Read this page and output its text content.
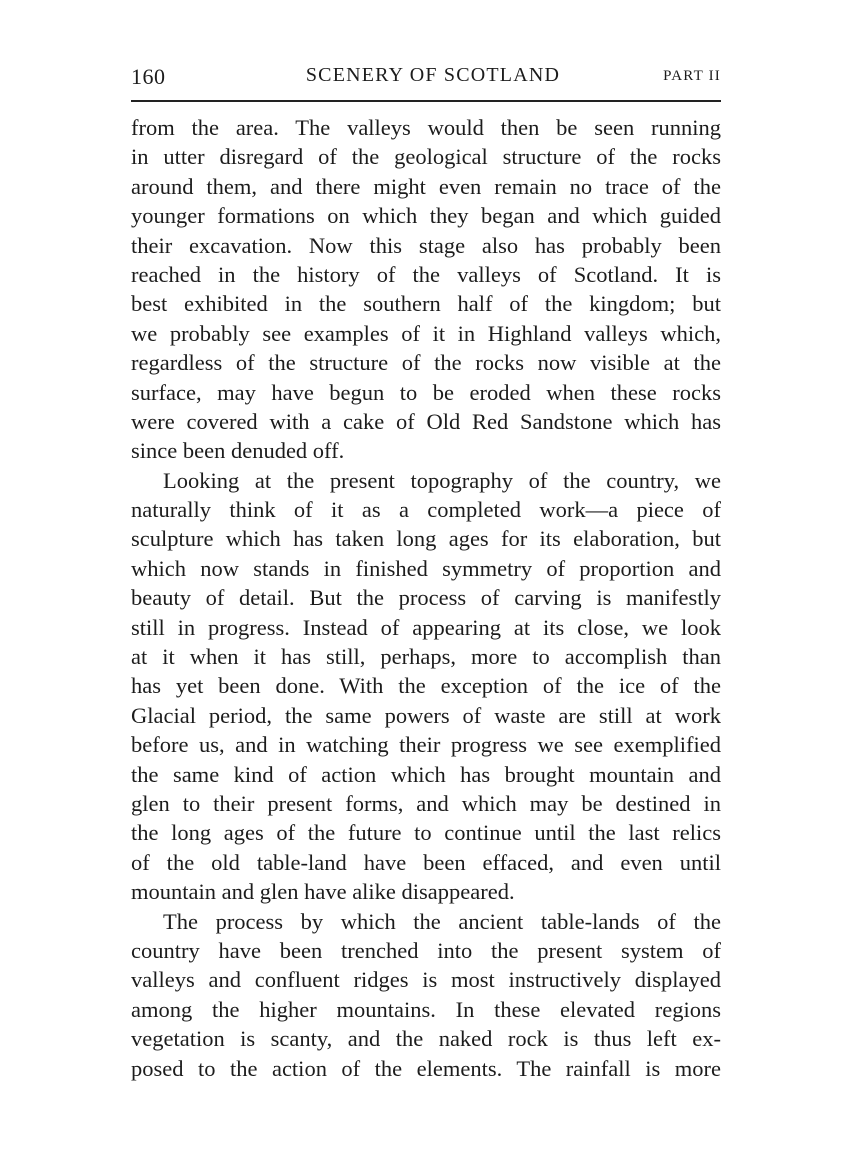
160	SCENERY OF SCOTLAND	PART II
from the area. The valleys would then be seen running
in utter disregard of the geological structure of the rocks
around them, and there might even remain no trace of the
younger formations on which they began and which guided
their excavation. Now this stage also has probably been
reached in the history of the valleys of Scotland. It is
best exhibited in the southern half of the kingdom; but
we probably see examples of it in Highland valleys which,
regardless of the structure of the rocks now visible at the
surface, may have begun to be eroded when these rocks
were covered with a cake of Old Red Sandstone which has
since been denuded off.
Looking at the present topography of the country, we
naturally think of it as a completed work—a piece of
sculpture which has taken long ages for its elaboration, but
which now stands in finished symmetry of proportion and
beauty of detail. But the process of carving is manifestly
still in progress. Instead of appearing at its close, we look
at it when it has still, perhaps, more to accomplish than
has yet been done. With the exception of the ice of the
Glacial period, the same powers of waste are still at work
before us, and in watching their progress we see exemplified
the same kind of action which has brought mountain and
glen to their present forms, and which may be destined in
the long ages of the future to continue until the last relics
of the old table-land have been effaced, and even until
mountain and glen have alike disappeared.
The process by which the ancient table-lands of the
country have been trenched into the present system of
valleys and confluent ridges is most instructively displayed
among the higher mountains. In these elevated regions
vegetation is scanty, and the naked rock is thus left ex-
posed to the action of the elements. The rainfall is more
